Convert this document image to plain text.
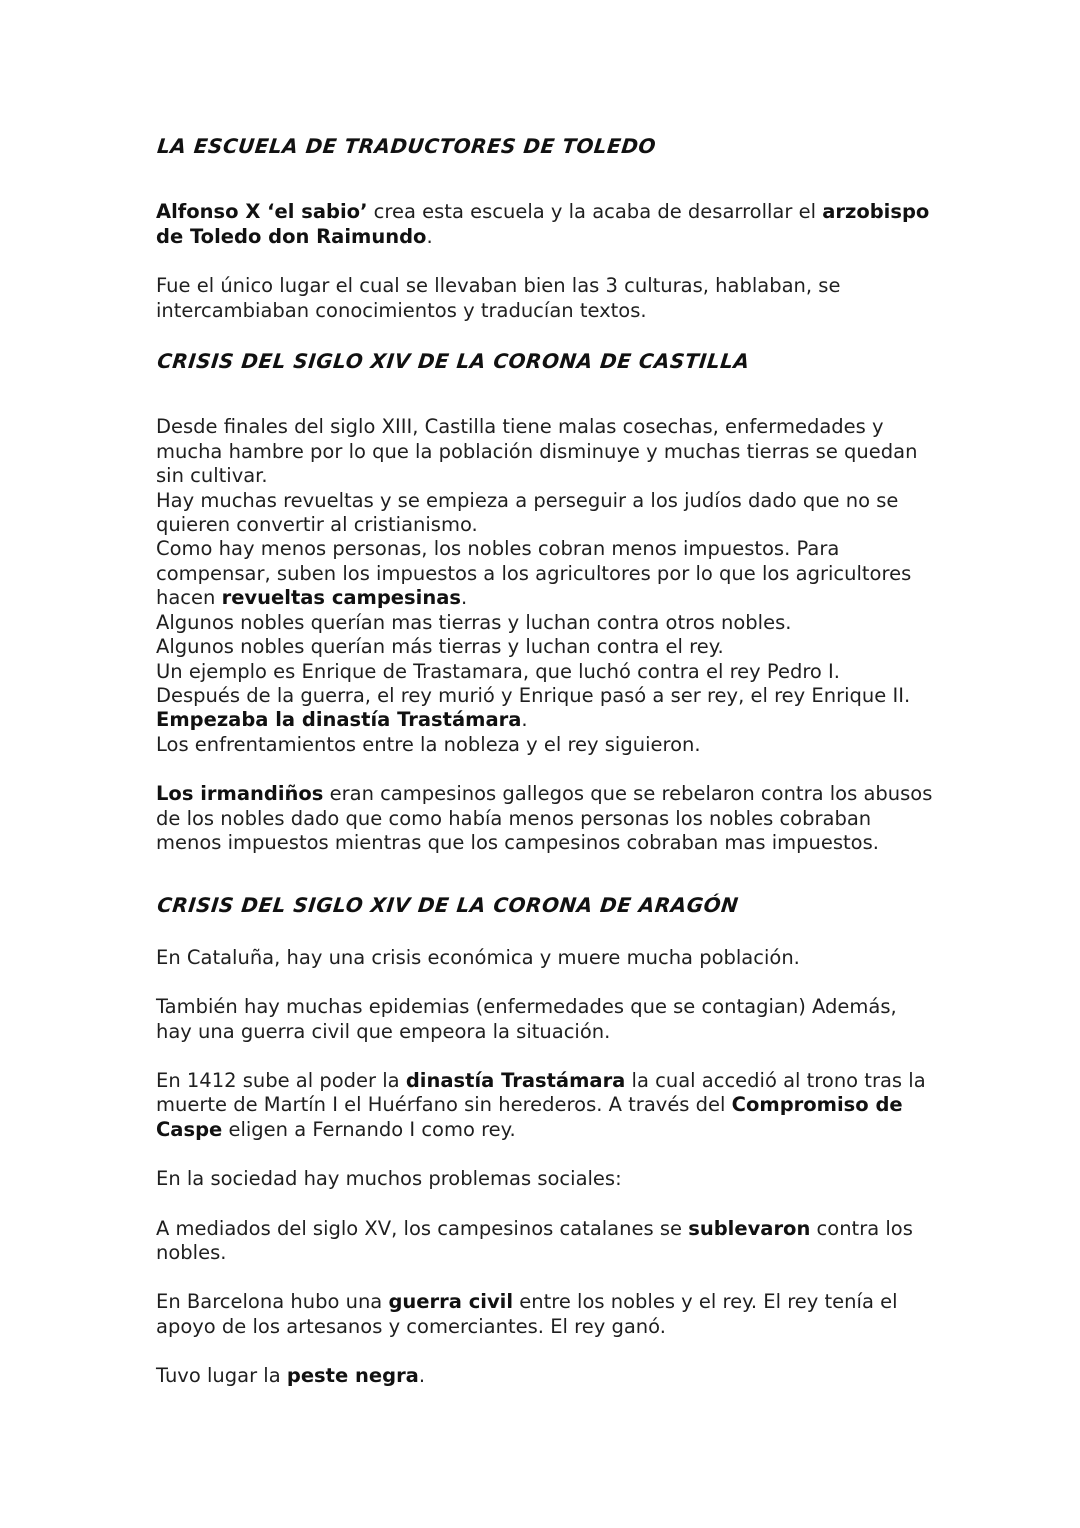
LA ESCUELA DE TRADUCTORES DE TOLEDO

Alfonso X ‘el sabio’ crea esta escuela y la acaba de desarrollar el arzobispo de Toledo don Raimundo.

Fue el único lugar el cual se llevaban bien las 3 culturas, hablaban, se intercambiaban conocimientos y traducían textos.

CRISIS DEL SIGLO XIV DE LA CORONA DE CASTILLA

Desde finales del siglo XIII, Castilla tiene malas cosechas, enfermedades y mucha hambre por lo que la población disminuye y muchas tierras se quedan sin cultivar.
Hay muchas revueltas y se empieza a perseguir a los judíos dado que no se quieren convertir al cristianismo.
Como hay menos personas, los nobles cobran menos impuestos. Para compensar, suben los impuestos a los agricultores por lo que los agricultores hacen revueltas campesinas.
Algunos nobles querían mas tierras y luchan contra otros nobles.
Algunos nobles querían más tierras y luchan contra el rey.
Un ejemplo es Enrique de Trastamara, que luchó contra el rey Pedro I.
Después de la guerra, el rey murió y Enrique pasó a ser rey, el rey Enrique II.
Empezaba la dinastía Trastámara.
Los enfrentamientos entre la nobleza y el rey siguieron.

Los irmandiños eran campesinos gallegos que se rebelaron contra los abusos de los nobles dado que como había menos personas los nobles cobraban menos impuestos mientras que los campesinos cobraban mas impuestos.

CRISIS DEL SIGLO XIV DE LA CORONA DE ARAGÓN

En Cataluña, hay una crisis económica y muere mucha población.

También hay muchas epidemias (enfermedades que se contagian) Además, hay una guerra civil que empeora la situación.

En 1412 sube al poder la dinastía Trastámara la cual accedió al trono tras la muerte de Martín I el Huérfano sin herederos. A través del Compromiso de Caspe eligen a Fernando I como rey.

En la sociedad hay muchos problemas sociales:

A mediados del siglo XV, los campesinos catalanes se sublevaron contra los nobles.

En Barcelona hubo una guerra civil entre los nobles y el rey. El rey tenía el apoyo de los artesanos y comerciantes. El rey ganó.

Tuvo lugar la peste negra.
